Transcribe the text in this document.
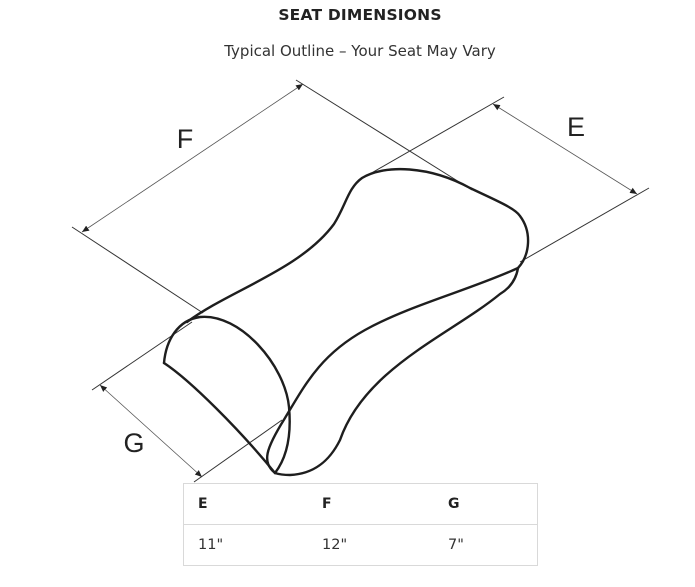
SEAT DIMENSIONS
Typical Outline – Your Seat May Vary
F	E
G
E	F	G
11"	12"	7"
